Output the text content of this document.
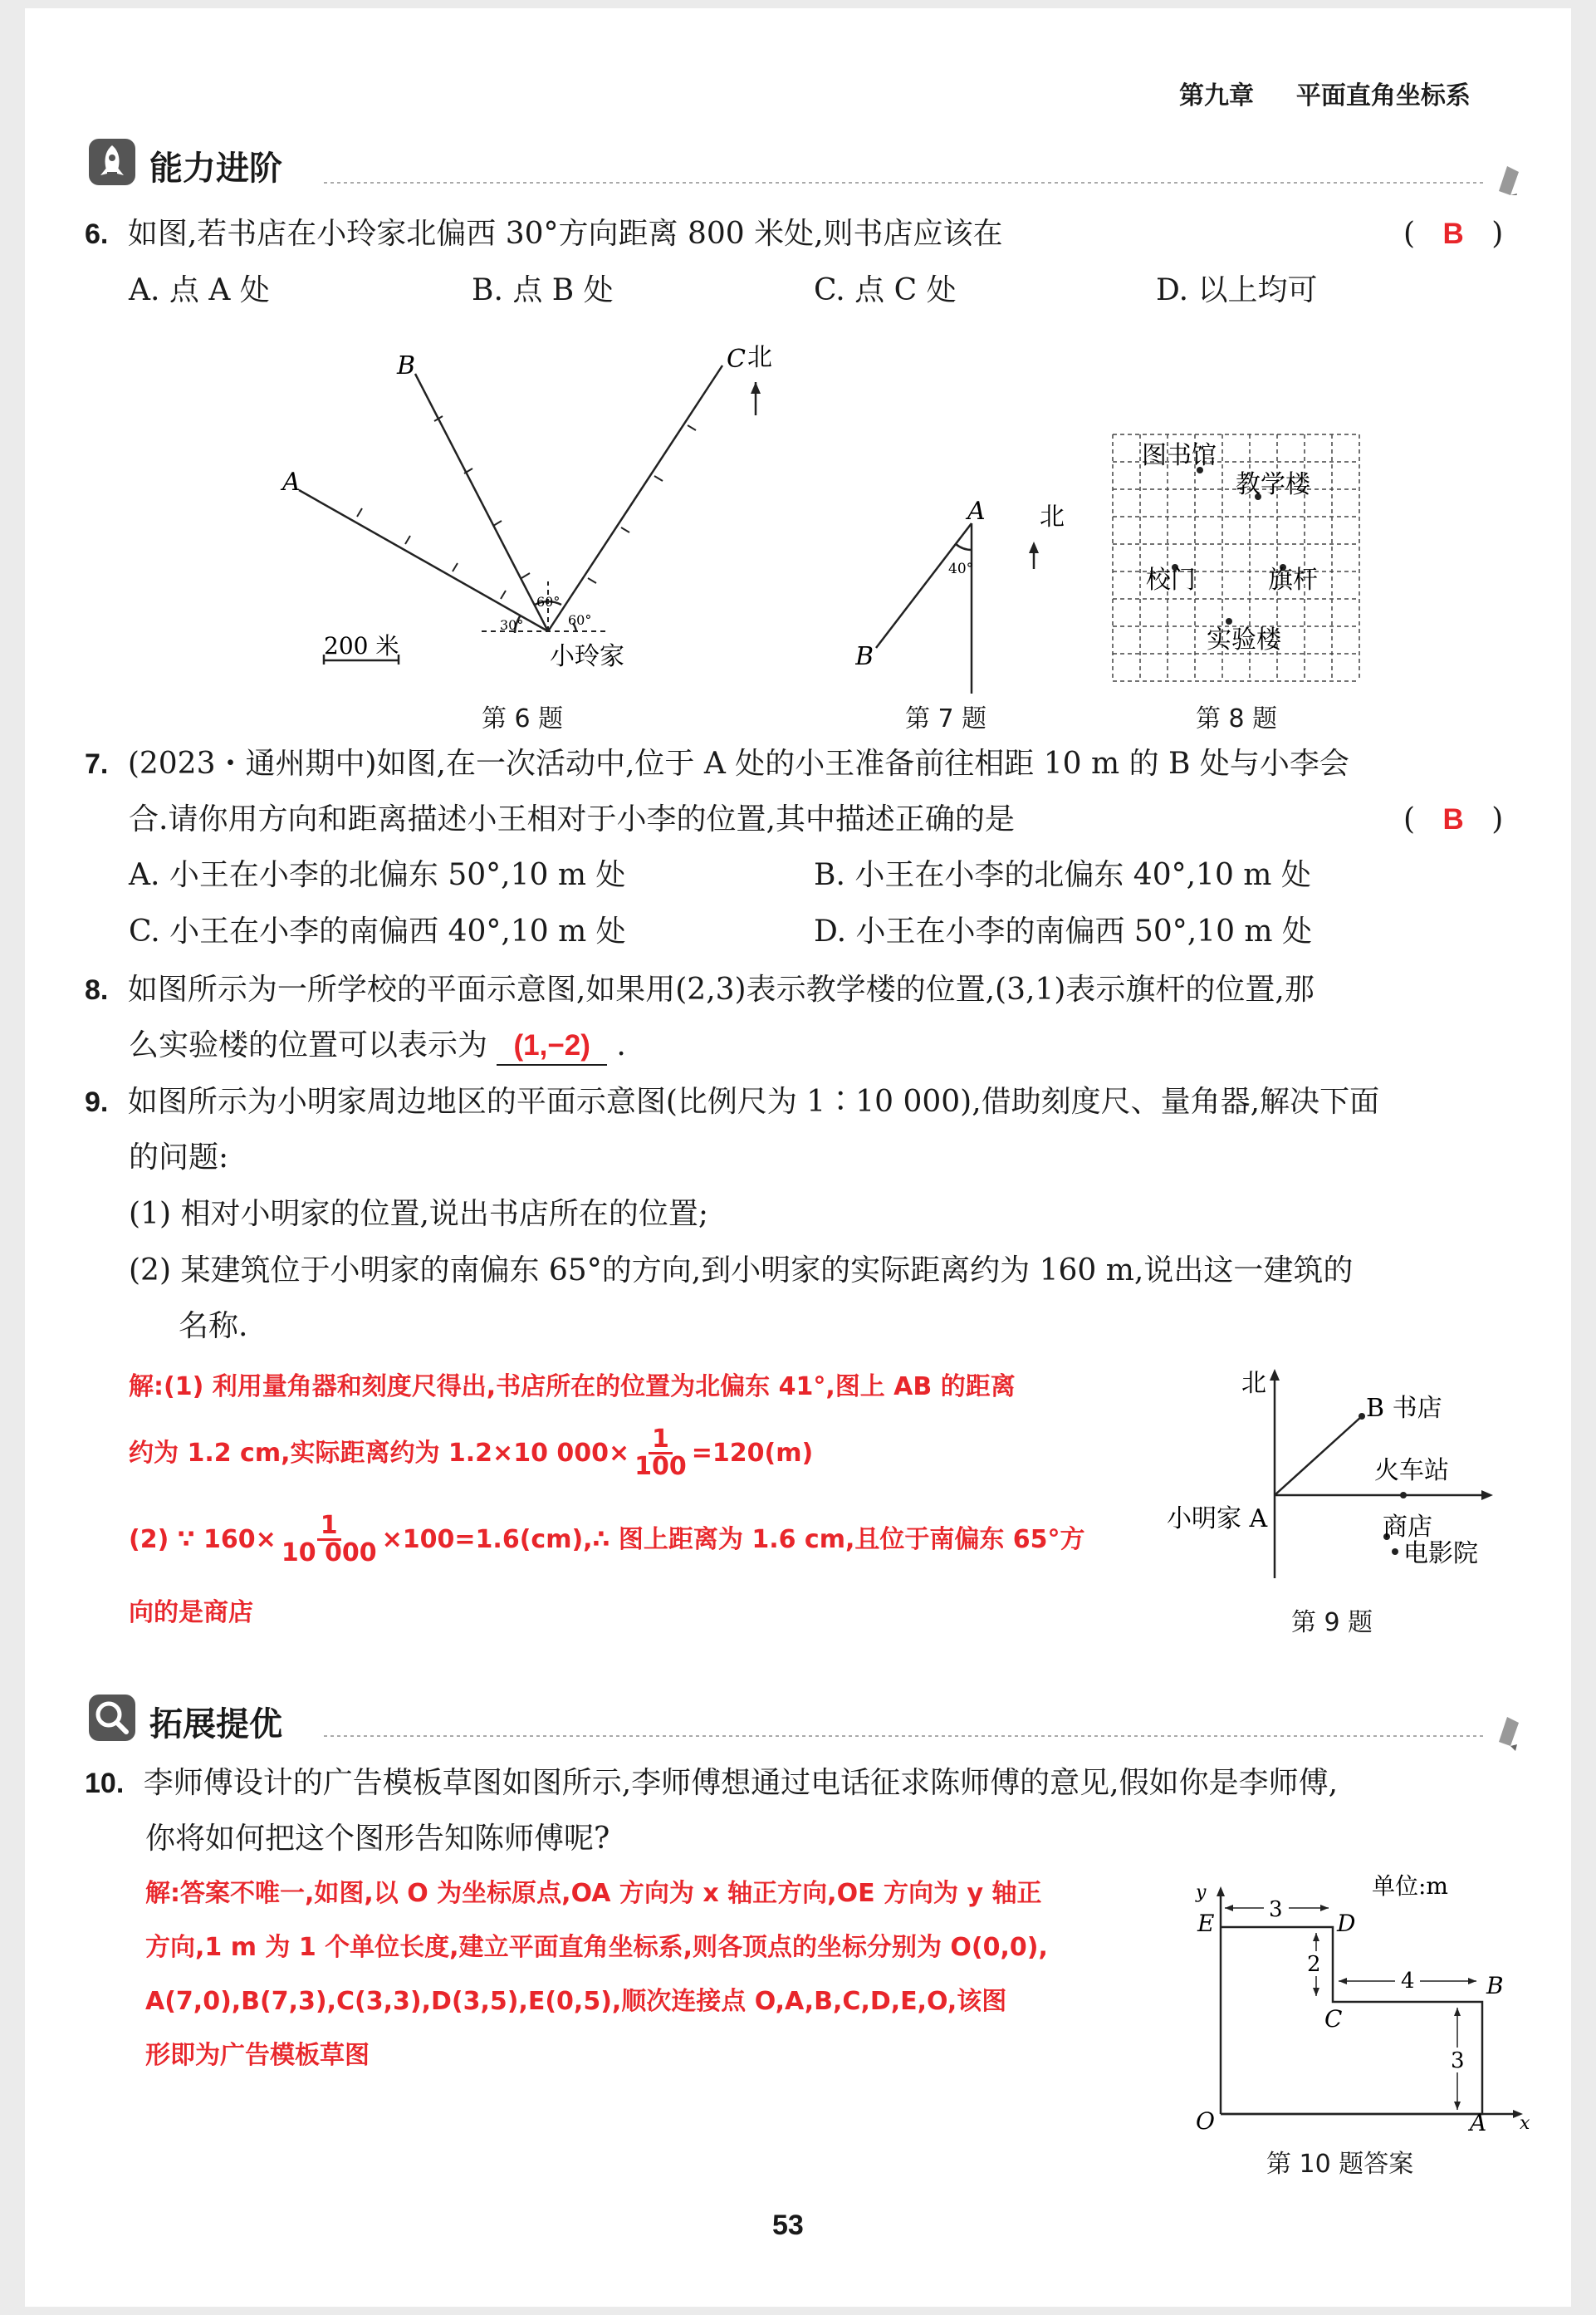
第九章 平面直角坐标系
能力进阶
6. 如图,若书店在小玲家北偏西 30°方向距离 800 米处,则书店应该在	( B )
A. 点 A 处	B. 点 B 处	C. 点 C 处	D. 以上均可
A
B	C 北
30°
60°
60°
小玲家
200 米
第 6 题
A
B
北
40°
第 7 题
图书馆
教学楼
校门	旗杆
实验楼
第 8 题
7. (2023・通州期中)如图,在一次活动中,位于 A 处的小王准备前往相距 10 m 的 B 处与小李会
合.请你用方向和距离描述小王相对于小李的位置,其中描述正确的是	( B )
A. 小王在小李的北偏东 50°,10 m 处	B. 小王在小李的北偏东 40°,10 m 处
C. 小王在小李的南偏西 40°,10 m 处	D. 小王在小李的南偏西 50°,10 m 处
8. 如图所示为一所学校的平面示意图,如果用(2,3)表示教学楼的位置,(3,1)表示旗杆的位置,那
么实验楼的位置可以表示为 (1,−2) .
9. 如图所示为小明家周边地区的平面示意图(比例尺为 1∶10 000),借助刻度尺、量角器,解决下面
的问题:
(1) 相对小明家的位置,说出书店所在的位置;
(2) 某建筑位于小明家的南偏东 65°的方向,到小明家的实际距离约为 160 m,说出这一建筑的
名称.
解:(1) 利用量角器和刻度尺得出,书店所在的位置为北偏东 41°,图上 AB 的距离
约为 1.2 cm,实际距离约为 1.2×10 $000\times \frac{1}{100} =120(m)$
(2) ∵ $160\times \frac{1}{10 000}$ ×100=1.6(cm),∴ 图上距离为 1.6 cm,且位于南偏东 65°方
向的是商店
北
B 书店
火车站
小明家 A	商店
电影院
第 9 题
拓展提优
10. 李师傅设计的广告模板草图如图所示,李师傅想通过电话征求陈师傅的意见,假如你是李师傅,
你将如何把这个图形告知陈师傅呢?
解:答案不唯一,如图,以 O 为坐标原点,OA 方向为 x 轴正方向,OE 方向为 y 轴正
方向,1 m 为 1 个单位长度,建立平面直角坐标系,则各顶点的坐标分别为 O(0,0),
A(7,0),B(7,3),C(3,3),D(3,5),E(0,5),顺次连接点 O,A,B,C,D,E,O,该图
形即为广告模板草图
单位:m
y
x
O	A
B
C
D
E	3
2
4
3
第 10 题答案
53
